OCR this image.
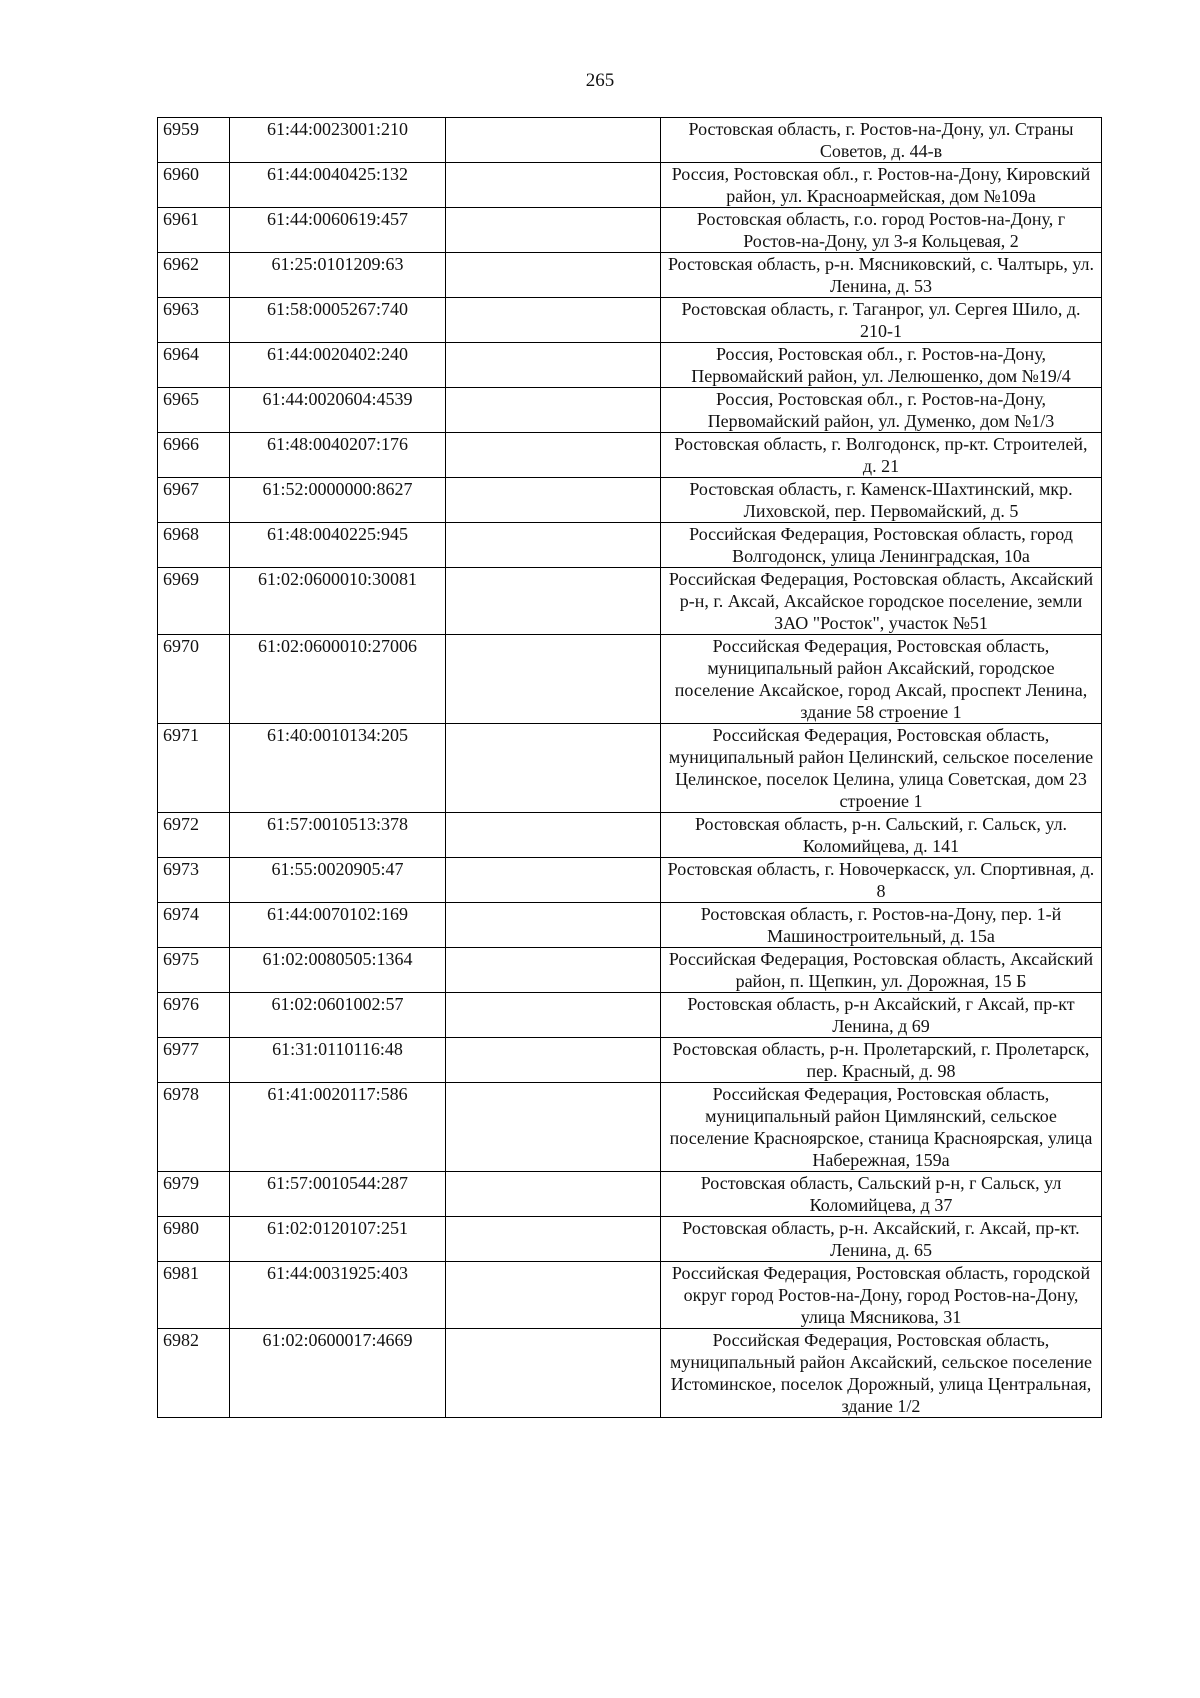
265
6959	61:44:0023001:210		Ростовская область, г. Ростов-на-Дону, ул. Страны Советов, д. 44-в
6960	61:44:0040425:132		Россия, Ростовская обл., г. Ростов-на-Дону, Кировский район, ул. Красноармейская, дом №109а
6961	61:44:0060619:457		Ростовская область, г.о. город Ростов-на-Дону, г Ростов-на-Дону, ул 3-я Кольцевая, 2
6962	61:25:0101209:63		Ростовская область, р-н. Мясниковский, с. Чалтырь, ул. Ленина, д. 53
6963	61:58:0005267:740		Ростовская область, г. Таганрог, ул. Сергея Шило, д. 210-1
6964	61:44:0020402:240		Россия, Ростовская обл., г. Ростов-на-Дону, Первомайский район, ул. Лелюшенко, дом №19/4
6965	61:44:0020604:4539		Россия, Ростовская обл., г. Ростов-на-Дону, Первомайский район, ул. Думенко, дом №1/3
6966	61:48:0040207:176		Ростовская область, г. Волгодонск, пр-кт. Строителей, д. 21
6967	61:52:0000000:8627		Ростовская область, г. Каменск-Шахтинский, мкр. Лиховской, пер. Первомайский, д. 5
6968	61:48:0040225:945		Российская Федерация, Ростовская область, город Волгодонск, улица Ленинградская, 10а
6969	61:02:0600010:30081		Российская Федерация, Ростовская область, Аксайский р-н, г. Аксай, Аксайское городское поселение, земли ЗАО "Росток", участок №51
6970	61:02:0600010:27006		Российская Федерация, Ростовская область, муниципальный район Аксайский, городское поселение Аксайское, город Аксай, проспект Ленина, здание 58 строение 1
6971	61:40:0010134:205		Российская Федерация, Ростовская область, муниципальный район Целинский, сельское поселение Целинское, поселок Целина, улица Советская, дом 23 строение 1
6972	61:57:0010513:378		Ростовская область, р-н. Сальский, г. Сальск, ул. Коломийцева, д. 141
6973	61:55:0020905:47		Ростовская область, г. Новочеркасск, ул. Спортивная, д. 8
6974	61:44:0070102:169		Ростовская область, г. Ростов-на-Дону, пер. 1-й Машиностроительный, д. 15а
6975	61:02:0080505:1364		Российская Федерация, Ростовская область, Аксайский район, п. Щепкин, ул. Дорожная, 15 Б
6976	61:02:0601002:57		Ростовская область, р-н Аксайский, г Аксай, пр-кт Ленина, д 69
6977	61:31:0110116:48		Ростовская область, р-н. Пролетарский, г. Пролетарск, пер. Красный, д. 98
6978	61:41:0020117:586		Российская Федерация, Ростовская область, муниципальный район Цимлянский, сельское поселение Красноярское, станица Красноярская, улица Набережная, 159а
6979	61:57:0010544:287		Ростовская область, Сальский р-н, г Сальск, ул Коломийцева, д 37
6980	61:02:0120107:251		Ростовская область, р-н. Аксайский, г. Аксай, пр-кт. Ленина, д. 65
6981	61:44:0031925:403		Российская Федерация, Ростовская область, городской округ город Ростов-на-Дону, город Ростов-на-Дону, улица Мясникова, 31
6982	61:02:0600017:4669		Российская Федерация, Ростовская область, муниципальный район Аксайский, сельское поселение Истоминское, поселок Дорожный, улица Центральная, здание 1/2
